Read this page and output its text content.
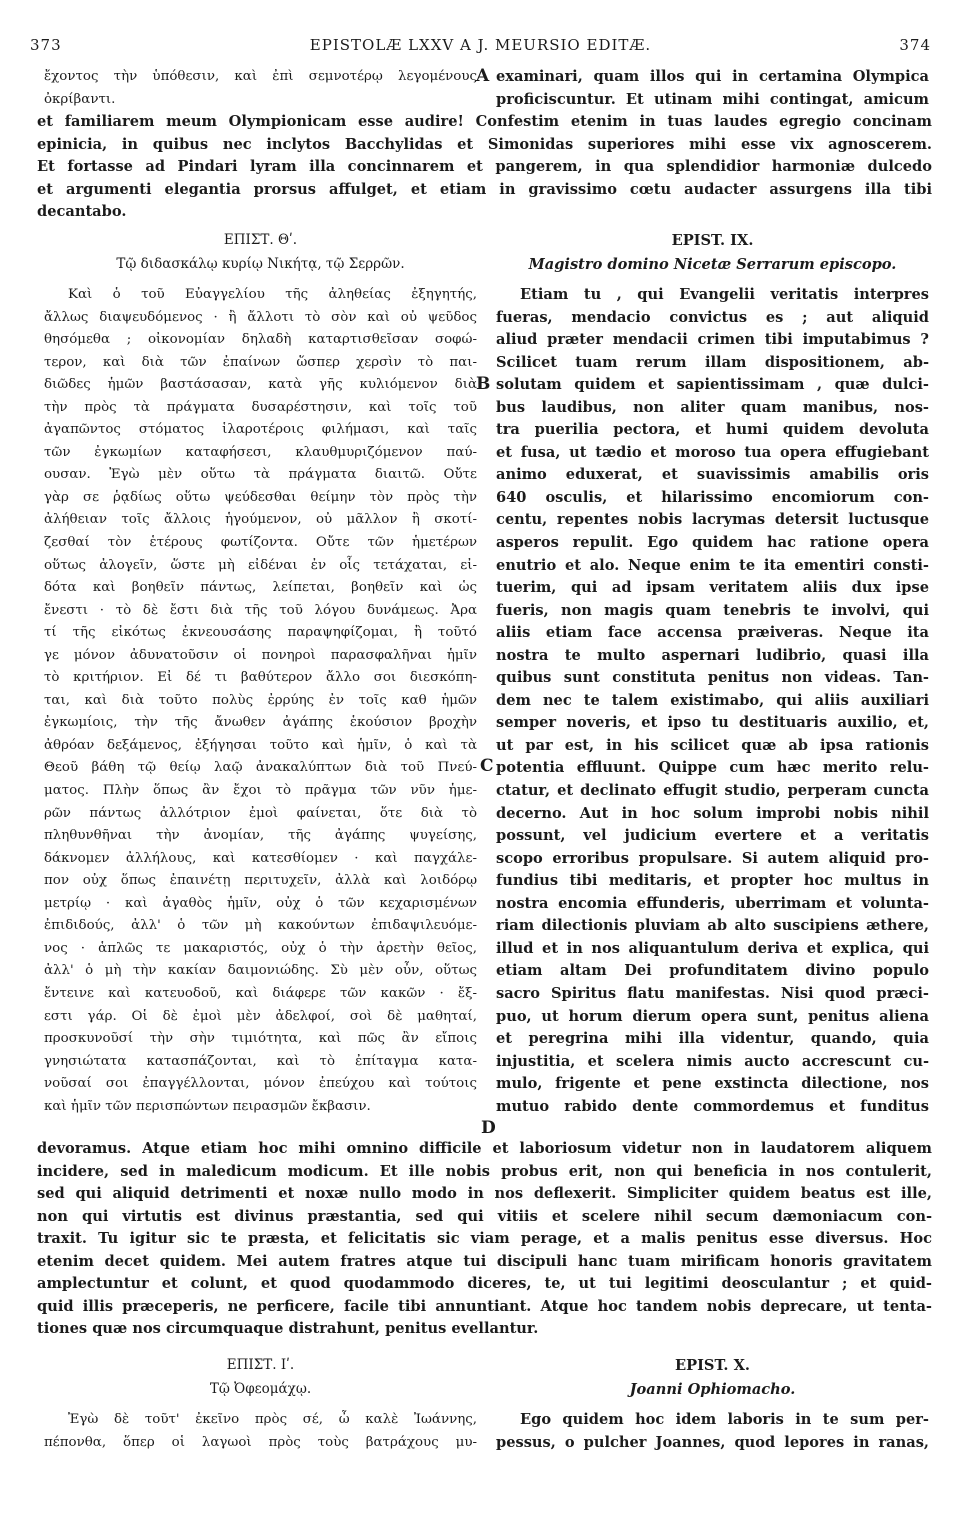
373	EPISTOLÆ LXXV A J. MEURSIO EDITÆ.	374
ἔχοντος τὴν ὑπόθεσιν, καὶ ἐπὶ σεμνοτέρῳ λεγομένους
ὀκρίβαντι.
examinari, quam illos qui in certamina Olympica
proficiscuntur. Et utinam mihi contingat, amicum
A
et familiarem meum Olympionicam esse audire! Confestim etenim in tuas laudes egregio concinam
epinicia, in quibus nec inclytos Bacchylidas et Simonidas superiores mihi esse vix agnoscerem.
Et fortasse ad Pindari lyram illa concinnarem et pangerem, in qua splendidior harmoniæ dulcedo
et argumenti elegantia prorsus affulget, et etiam in gravissimo cœtu audacter assurgens illa tibi
decantabo.
ΕΠΙΣΤ. Θʹ.
Τῷ διδασκάλῳ κυρίῳ Νικήτᾳ, τῷ Σερρῶν.
EPIST. IX.
Magistro domino Nicetæ Serrarum episcopo.
Καὶ ὁ τοῦ Εὐαγγελίου τῆς ἀληθείας ἐξηγητής,
ἄλλως διαψευδόμενος · ἢ ἄλλοτι τὸ σὸν καὶ οὐ ψεῦδος
θησόμεθα ; οἰκονομίαν δηλαδὴ καταρτισθεῖσαν σοφώ-
τερον, καὶ διὰ τῶν ἐπαίνων ὥσπερ χερσὶν τὸ παι-
διῶδες ἡμῶν βαστάσασαν, κατὰ γῆς κυλιόμενον διὰ
τὴν πρὸς τὰ πράγματα δυσαρέστησιν, καὶ τοῖς τοῦ
ἀγαπῶντος στόματος ἱλαροτέροις φιλήμασι, καὶ ταῖς
τῶν ἐγκωμίων καταφήσεσι, κλαυθμυριζόμενον παύ-
ουσαν. Ἐγὼ μὲν οὕτω τὰ πράγματα διαιτῶ. Οὔτε
γὰρ σε ῥᾳδίως οὕτω ψεύδεσθαι θείμην τὸν πρὸς τὴν
ἀλήθειαν τοῖς ἄλλοις ἡγούμενον, οὐ μᾶλλον ἢ σκοτί-
ζεσθαί τὸν ἑτέρους φωτίζοντα. Οὔτε τῶν ἡμετέρων
οὕτως ἀλογεῖν, ὥστε μὴ εἰδέναι ἐν οἷς τετάχαται, εἰ-
δότα καὶ βοηθεῖν πάντως, λείπεται, βοηθεῖν καὶ ὡς
ἔνεστι · τὸ δὲ ἔστι διὰ τῆς τοῦ λόγου δυνάμεως. Ἀρα
τί τῆς εἰκότως ἐκνεουσάσης παραψηφίζομαι, ἢ τοῦτό
γε μόνον ἀδυνατοῦσιν οἱ πονηροὶ παρασφαλῆναι ἡμῖν
τὸ κριτήριον. Εἰ δέ τι βαθύτερον ἄλλο σοι διεσκόπη-
ται, καὶ διὰ τοῦτο πολὺς ἐρρύης ἐν τοῖς καθ ἡμῶν
ἐγκωμίοις, τὴν τῆς ἄνωθεν ἀγάπης ἑκούσιον βροχὴν
ἀθρόαν δεξάμενος, ἐξήγησαι τοῦτο καὶ ἡμῖν, ὁ καὶ τὰ
Θεοῦ βάθη τῷ θείῳ λαῷ ἀνακαλύπτων διὰ τοῦ Πνεύ-
ματος. Πλὴν ὅπως ἂν ἔχοι τὸ πρᾶγμα τῶν νῦν ἡμε-
ρῶν πάντως ἀλλότριον ἐμοὶ φαίνεται, ὅτε διὰ τὸ
πληθυνθῆναι τὴν ἀνομίαν, τῆς ἀγάπης ψυγείσης,
δάκνομεν ἀλλήλους, καὶ κατεσθίομεν · καὶ παγχάλε-
πον οὐχ ὅπως ἐπαινέτῃ περιτυχεῖν, ἀλλὰ καὶ λοιδόρῳ
μετρίῳ · καὶ ἀγαθὸς ἡμῖν, οὐχ ὁ τῶν κεχαρισμένων
ἐπιδιδούς, ἀλλ' ὁ τῶν μὴ κακούντων ἐπιδαψιλευόμε-
νος · ἁπλῶς τε μακαριστός, οὐχ ὁ τὴν ἀρετὴν θεῖος,
ἀλλ' ὁ μὴ τὴν κακίαν δαιμονιώδης. Σὺ μὲν οὖν, οὕτως
ἔντεινε καὶ κατευοδοῦ, καὶ διάφερε τῶν κακῶν · ἔξ-
εστι γάρ. Οἱ δὲ ἐμοὶ μὲν ἀδελφοί, σοὶ δὲ μαθηταί,
προσκυνοῦσί τὴν σὴν τιμιότητα, καὶ πῶς ἂν εἴποις
γνησιώτατα κατασπάζονται, καὶ τὸ ἐπίταγμα κατα-
νοῦσαί σοι ἐπαγγέλλονται, μόνον ἐπεύχου καὶ τούτοις
καὶ ἡμῖν τῶν περισπώντων πειρασμῶν ἔκβασιν.
Etiam tu , qui Evangelii veritatis interpres
fueras, mendacio convictus es ; aut aliquid
aliud præter mendacii crimen tibi imputabimus ?
Scilicet tuam rerum illam dispositionem, ab-
solutam quidem et sapientissimam , quæ dulci-
bus laudibus, non aliter quam manibus, nos-
tra puerilia pectora, et humi quidem devoluta
et fusa, ut tædio et moroso tua opera effugiebant
animo eduxerat, et suavissimis amabilis oris
640 osculis, et hilarissimo encomiorum con-
centu, repentes nobis lacrymas detersit luctusque
asperos repulit. Ego quidem hac ratione opera
enutrio et alo. Neque enim te ita ementiri consti-
tuerim, qui ad ipsam veritatem aliis dux ipse
fueris, non magis quam tenebris te involvi, qui
aliis etiam face accensa præiveras. Neque ita
nostra te multo aspernari ludibrio, quasi illa
quibus sunt constituta penitus non videas. Tan-
dem nec te talem existimabo, qui aliis auxiliari
semper noveris, et ipso tu destituaris auxilio, et,
ut par est, in his scilicet quæ ab ipsa rationis
potentia effluunt. Quippe cum hæc merito relu-
ctatur, et declinato effugit studio, perperam cuncta
decerno. Aut in hoc solum improbi nobis nihil
possunt, vel judicium evertere et a veritatis
scopo erroribus propulsare. Si autem aliquid pro-
fundius tibi meditaris, et propter hoc multus in
nostra encomia effunderis, uberrimam et volunta-
riam dilectionis pluviam ab alto suscipiens æthere,
illud et in nos aliquantulum deriva et explica, qui
etiam altam Dei profunditatem divino populo
sacro Spiritus flatu manifestas. Nisi quod præci-
puo, ut horum dierum opera sunt, penitus aliena
et peregrina mihi illa videntur, quando, quia
injustitia, et scelera nimis aucto accrescunt cu-
mulo, frigente et pene exstincta dilectione, nos
mutuo rabido dente commordemus et funditus
B
C
D
devoramus. Atque etiam hoc mihi omnino difficile et laboriosum videtur non in laudatorem aliquem
incidere, sed in maledicum modicum. Et ille nobis probus erit, non qui beneficia in nos contulerit,
sed qui aliquid detrimenti et noxæ nullo modo in nos deflexerit. Simpliciter quidem beatus est ille,
non qui virtutis est divinus præstantia, sed qui vitiis et scelere nihil secum dæmoniacum con-
traxit. Tu igitur sic te præsta, et felicitatis sic viam perage, et a malis penitus esse diversus. Hoc
etenim decet quidem. Mei autem fratres atque tui discipuli hanc tuam mirificam honoris gravitatem
amplectuntur et colunt, et quod quodammodo diceres, te, ut tui legitimi deosculantur ; et quid-
quid illis præceperis, ne perficere, facile tibi annuntiant. Atque hoc tandem nobis deprecare, ut tenta-
tiones quæ nos circumquaque distrahunt, penitus evellantur.
ΕΠΙΣΤ. Ιʹ.
Τῷ Ὀφεομάχῳ.
EPIST. X.
Joanni Ophiomacho.
Ἐγὼ δὲ τοῦτ' ἐκεῖνο πρὸς σέ, ὦ καλὲ Ἰωάννης,
πέπονθα, ὅπερ οἱ λαγωοὶ πρὸς τοὺς βατράχους μυ-
Ego quidem hoc idem laboris in te sum per-
pessus, o pulcher Joannes, quod lepores in ranas,
